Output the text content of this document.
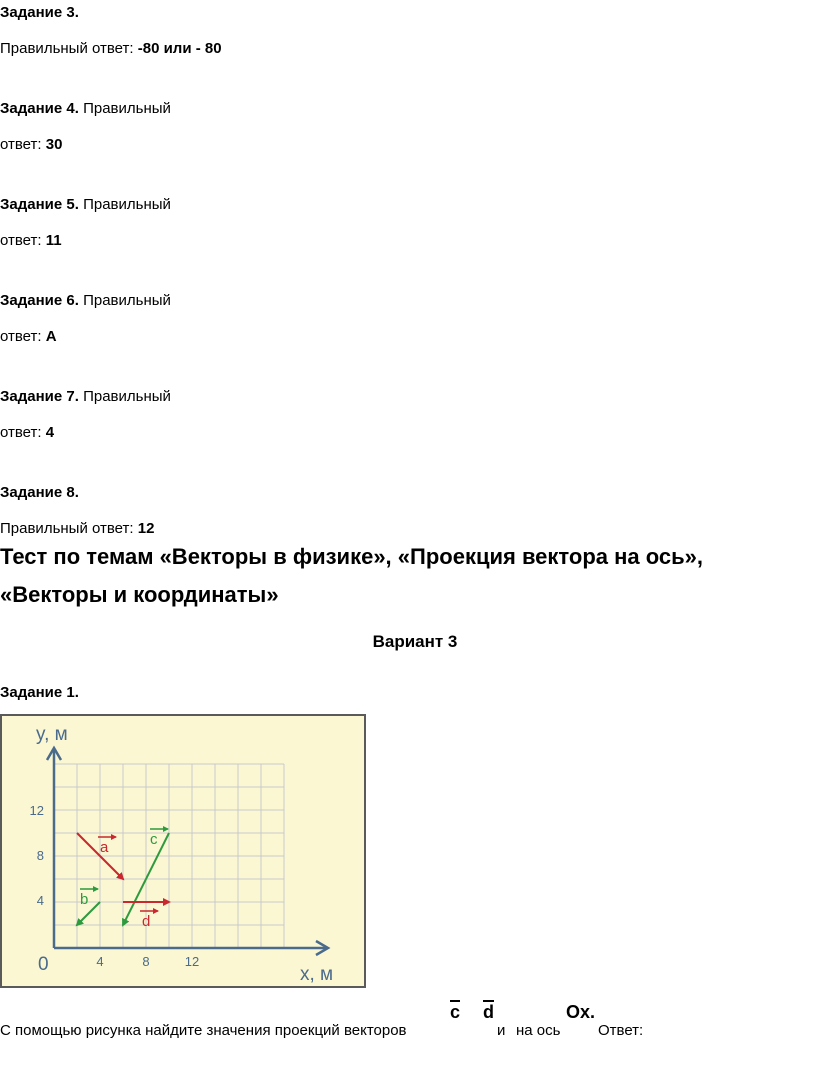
Задание 3.
Правильный ответ: -80 или - 80
Задание 4. Правильный
ответ: 30
Задание 5. Правильный
ответ: 11
Задание 6. Правильный
ответ: А
Задание 7. Правильный
ответ: 4
Задание 8.
Правильный ответ: 12
Тест по темам «Векторы в физике», «Проекция вектора на ось»,
«Векторы и координаты»
Вариант 3
Задание 1.
y, м
x, м
0	4	8	12
4
8
12
a
b
c
d
С помощью рисунка найдите значения проекций векторов
c d
и на ось
Ox.
Ответ:
